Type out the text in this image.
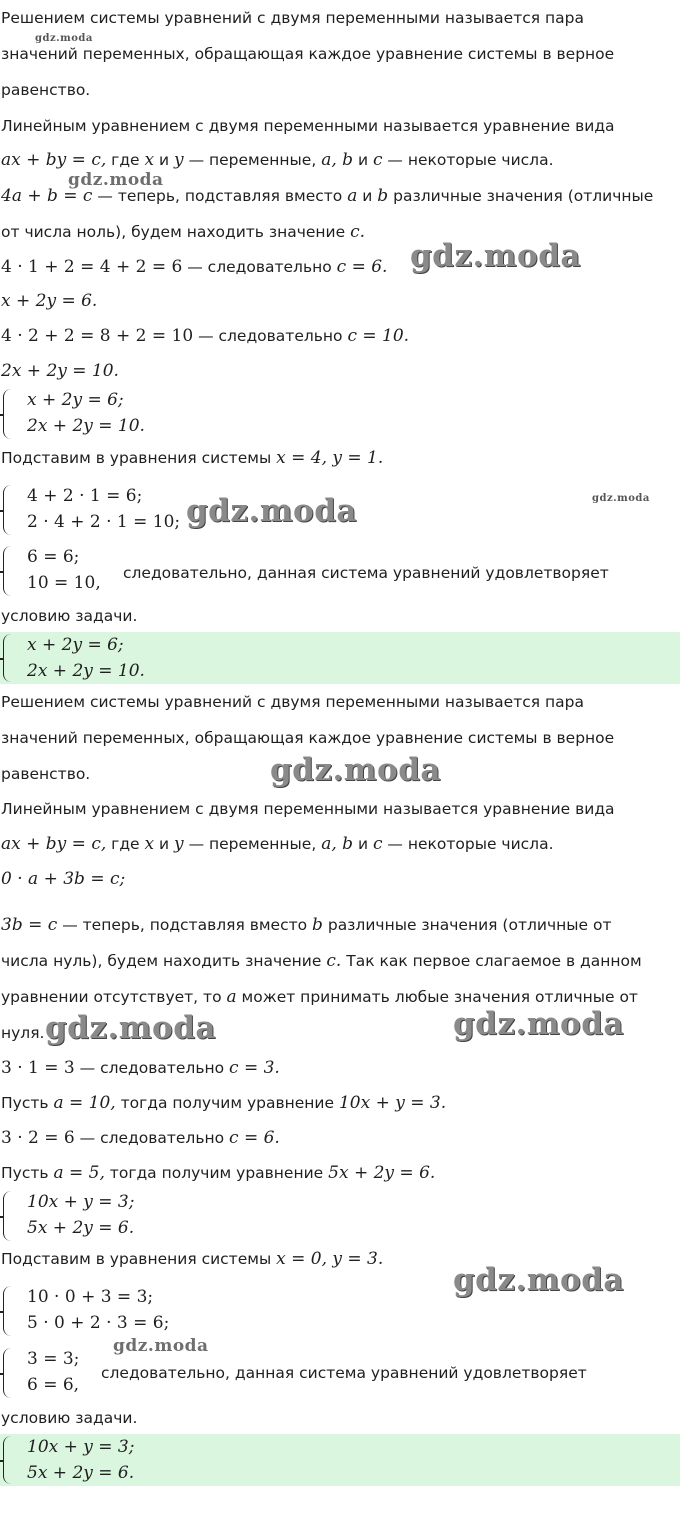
Решением системы уравнений с двумя переменными называется пара
значений переменных, обращающая каждое уравнение системы в верное
равенство.
Линейным уравнением с двумя переменными называется уравнение вида
ax + by = c, где x и y — переменные, a, b и c — некоторые числа.
4a + b = c — теперь, подставляя вместо a и b различные значения (отличные
от числа ноль), будем находить значение c.
4 · 1 + 2 = 4 + 2 = 6 — следовательно c = 6.
x + 2y = 6.
4 · 2 + 2 = 8 + 2 = 10 — следовательно c = 10.
2x + 2y = 10.
x + 2y = 6;
2x + 2y = 10.
Подставим в уравнения системы x = 4, y = 1.
4 + 2 · 1 = 6;
2 · 4 + 2 · 1 = 10;
6 = 6;
10 = 10, следовательно, данная система уравнений удовлетворяет
условию задачи.
x + 2y = 6;
2x + 2y = 10.
Решением системы уравнений с двумя переменными называется пара
значений переменных, обращающая каждое уравнение системы в верное
равенство.
Линейным уравнением с двумя переменными называется уравнение вида
ax + by = c, где x и y — переменные, a, b и c — некоторые числа.
0 · a + 3b = c;
3b = c — теперь, подставляя вместо b различные значения (отличные от
числа нуль), будем находить значение c. Так как первое слагаемое в данном
уравнении отсутствует, то a может принимать любые значения отличные от
нуля.
3 · 1 = 3 — следовательно c = 3.
Пусть a = 10, тогда получим уравнение 10x + y = 3.
3 · 2 = 6 — следовательно c = 6.
Пусть a = 5, тогда получим уравнение 5x + 2y = 6.
10x + y = 3;
5x + 2y = 6.
Подставим в уравнения системы x = 0, y = 3.
10 · 0 + 3 = 3;
5 · 0 + 2 · 3 = 6;
3 = 3;
6 = 6,
следовательно, данная система уравнений удовлетворяет
условию задачи.
10x + y = 3;
5x + 2y = 6.
gdz.moda
gdz.moda
gdz.moda
gdz.moda
gdz.moda
gdz.moda
gdz.moda	gdz.moda
gdz.moda
gdz.moda
